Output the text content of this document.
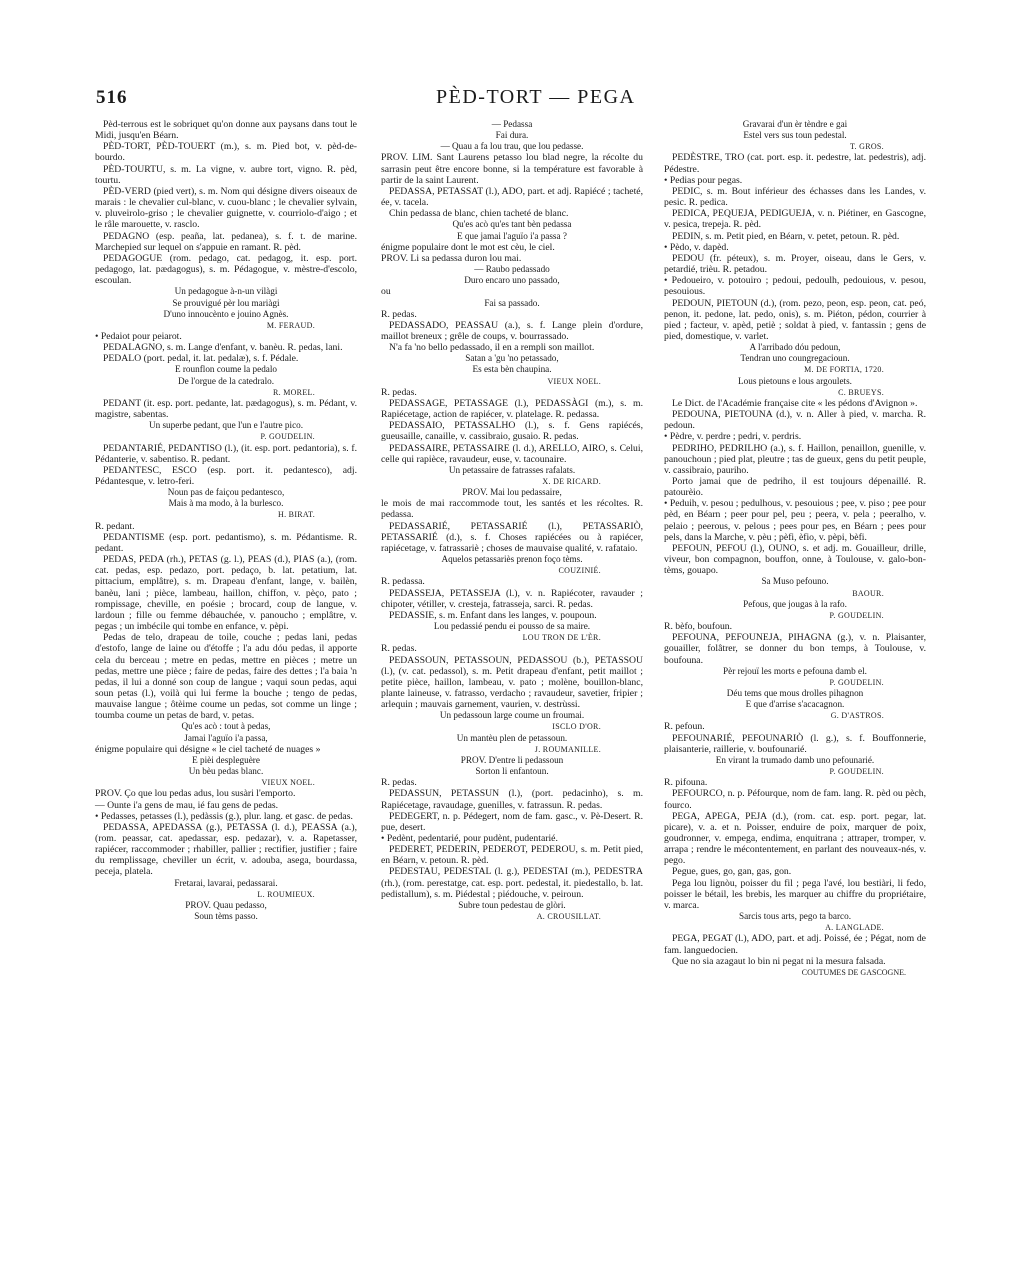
516	PÈD-TORT — PEGA

Pèd-terrous est le sobriquet qu'on donne aux paysans dans tout le Midi, jusqu'en Béarn.

PÈD-TORT, PÈD-TOUERT (m.), s. m. Pied bot, v. pèd-de-bourdo.

PÈD-TOURTU, s. m. La vigne, v. aubre tort, vigno. R. pèd, tourtu.

PÈD-VERD (pied vert), s. m. Nom qui désigne divers oiseaux de marais : le chevalier cul-blanc, v. cuou-blanc ; le chevalier sylvain, v. pluveirolo-griso ; le chevalier guignette, v. courriolo-d'aigo ; et le râle marouette, v. rasclo.

PEDAGNO (esp. peaña, lat. pedanea), s. f. t. de marine. Marchepied sur lequel on s'appuie en ramant. R. pèd.

PEDAGOGUE (rom. pedago, cat. pedagog, it. esp. port. pedagogo, lat. pædagogus), s. m. Pédagogue, v. mèstre-d'escolo, escoulan.

Un pedagogue à-n-un vilàgi

Se prouvigué pèr lou mariàgi

D'uno innoucènto e jouino Agnès.

M. FERAUD.

• Pedaiot pour peiarot.

PEDALAGNO, s. m. Lange d'enfant, v. banèu. R. pedas, lani.

PEDALO (port. pedal, it. lat. pedalæ), s. f. Pédale.

E rounflon coume la pedalo

De l'orgue de la catedralo.

R. MOREL.

PEDANT (it. esp. port. pedante, lat. pædagogus), s. m. Pédant, v. magistre, sabentas.

Un superbe pedant, que l'un e l'autre pico.

P. GOUDELIN.

PEDANTARIÉ, PEDANTISO (l.), (it. esp. port. pedantoria), s. f. Pédanterie, v. sabentiso. R. pedant.

PEDANTESC, ESCO (esp. port. it. pedantesco), adj. Pédantesque, v. letro-feri.

Noun pas de faiçou pedantesco,

Mais à ma modo, à la burlesco.

H. BIRAT.

R. pedant.

PEDANTISME (esp. port. pedantismo), s. m. Pédantisme. R. pedant.

PEDAS, PEDA (rh.), PETAS (g. l.), PEAS (d.), PIAS (a.), (rom. cat. pedas, esp. pedazo, port. pedaço, b. lat. petatium, lat. pittacium, emplâtre), s. m. Drapeau d'enfant, lange, v. bailèn, banèu, lani ; pièce, lambeau, haillon, chiffon, v. pèço, pato ; rompissage, cheville, en poésie ; brocard, coup de langue, v. lardoun ; fille ou femme débauchée, v. panoucho ; emplâtre, v. pegas ; un imbécile qui tombe en enfance, v. pèpi.

Pedas de telo, drapeau de toile, couche ; pedas lani, pedas d'estofo, lange de laine ou d'étoffe ; l'a adu dóu pedas, il apporte cela du berceau ; metre en pedas, mettre en pièces ; metre un pedas, mettre une pièce ; faire de pedas, faire des dettes ; l'a baia 'n pedas, il lui a donné son coup de langue ; vaqui soun pedas, aqui soun petas (l.), voilà qui lui ferme la bouche ; tengo de pedas, mauvaise langue ; ôtèime coume un pedas, sot comme un linge ; toumba coume un petas de bard, v. petas.

Qu'es acò : tout à pedas,

Jamai l'aguïo i'a passa,

énigme populaire qui désigne « le ciel tacheté de nuages »

E pièi despleguère

Un bèu pedas blanc.

VIEUX NOEL.

PROV. Ço que lou pedas adus, lou susàri l'emporto.

— Ounte i'a gens de mau, ié fau gens de pedas.

• Pedasses, petasses (l.), pedàssis (g.), plur. lang. et gasc. de pedas.

PEDASSA, APEDASSA (g.), PETASSA (l. d.), PEASSA (a.), (rom. peassar, cat. apedassar, esp. pedazar), v. a. Rapetasser, rapiécer, raccommoder ; rhabiller, pallier ; rectifier, justifier ; faire du remplissage, cheviller un écrit, v. adouba, asega, bourdassa, peceja, platela.

Fretarai, lavarai, pedassarai.

L. ROUMIEUX.

PROV. Quau pedasso,

Soun tèms passo.

— Pedassa

Fai dura.

— Quau a fa lou trau, que lou pedasse.

PROV. LIM. Sant Laurens petasso lou blad negre, la récolte du sarrasin peut être encore bonne, si la température est favorable à partir de la saint Laurent.

PEDASSA, PETASSAT (l.), ADO, part. et adj. Rapiécé ; tacheté, ée, v. tacela.

Chin pedassa de blanc, chien tacheté de blanc.

Qu'es acò qu'es tant bèn pedassa

E que jamai l'aguïo i'a passa ?

énigme populaire dont le mot est cèu, le ciel.

PROV. Li sa pedassa duron lou mai.

— Raubo pedassado

Duro encaro uno passado,

ou

Fai sa passado.

R. pedas.

PEDASSADO, PEASSAU (a.), s. f. Lange plein d'ordure, maillot breneux ; grêle de coups, v. bourrassado.

N'a fa 'no bello pedassado, il en a rempli son maillot.

Satan a 'gu 'no petassado,

Es esta bèn chaupina.

VIEUX NOEL.

R. pedas.

PEDASSAGE, PETASSAGE (l.), PEDASSÀGI (m.), s. m. Rapiécetage, action de rapiécer, v. platelage. R. pedassa.

PEDASSAIO, PETASSALHO (l.), s. f. Gens rapiécés, gueusaille, canaille, v. cassibraio, gusaio. R. pedas.

PEDASSAIRE, PETASSAIRE (l. d.), ARELLO, AIRO, s. Celui, celle qui rapièce, ravaudeur, euse, v. tacounaire.

Un petassaire de fatrasses rafalats.

X. DE RICARD.

PROV. Mai lou pedassaire,

le mois de mai raccommode tout, les santés et les récoltes. R. pedassa.

PEDASSARIÉ, PETASSARIÉ (l.), PETASSARIÒ, PETASSARIÉ (d.), s. f. Choses rapiécées ou à rapiécer, rapiécetage, v. fatrassariè ; choses de mauvaise qualité, v. rafataio.

Aquelos petassariès prenon foço tèms.

COUZINIÉ.

R. pedassa.

PEDASSEJA, PETASSEJA (l.), v. n. Rapiécoter, ravauder ; chipoter, vétiller, v. cresteja, fatrasseja, sarci. R. pedas.

PEDASSIE, s. m. Enfant dans les langes, v. poupoun.

Lou pedassié pendu ei pousso de sa maire.

LOU TRON DE L'ÈR.

R. pedas.

PEDASSOUN, PETASSOUN, PEDASSOU (b.), PETASSOU (l.), (v. cat. pedassol), s. m. Petit drapeau d'enfant, petit maillot ; petite pièce, haillon, lambeau, v. pato ; molène, bouillon-blanc, plante laineuse, v. fatrasso, verdacho ; ravaudeur, savetier, fripier ; arlequin ; mauvais garnement, vaurien, v. destrùssi.

Un pedassoun large coume un froumai.

ISCLO D'OR.

Un mantèu plen de petassoun.

J. ROUMANILLE.

PROV. D'entre li pedassoun

Sorton li enfantoun.

R. pedas.

PEDASSUN, PETASSUN (l.), (port. pedacinho), s. m. Rapiécetage, ravaudage, guenilles, v. fatrassun. R. pedas.

PEDEGERT, n. p. Pédegert, nom de fam. gasc., v. Pè-Desert. R. pue, desert.

• Pedènt, pedentarié, pour pudènt, pudentarié.

PEDERET, PEDERIN, PEDEROT, PEDEROU, s. m. Petit pied, en Béarn, v. petoun. R. pèd.

PEDESTAU, PEDESTAL (l. g.), PEDESTAI (m.), PEDESTRA (rh.), (rom. perestatge, cat. esp. port. pedestal, it. piedestallo, b. lat. pedistallum), s. m. Piédestal ; piédouche, v. peiroun.

Subre toun pedestau de glòri.

A. CROUSILLAT.

Gravarai d'un èr tèndre e gai

Estel vers sus toun pedestal.

T. GROS.

PEDÈSTRE, TRO (cat. port. esp. it. pedestre, lat. pedestris), adj. Pédestre.

• Pedias pour pegas.

PEDIC, s. m. Bout inférieur des échasses dans les Landes, v. pesic. R. pedica.

PEDICA, PEQUEJA, PEDIGUEJA, v. n. Piétiner, en Gascogne, v. pesica, trepeja. R. pèd.

PEDIN, s. m. Petit pied, en Béarn, v. petet, petoun. R. pèd.

• Pèdo, v. dapèd.

PEDOU (fr. péteux), s. m. Proyer, oiseau, dans le Gers, v. petardié, trièu. R. petadou.

• Pedoueiro, v. potouiro ; pedoui, pedoulh, pedouious, v. pesou, pesouious.

PEDOUN, PIETOUN (d.), (rom. pezo, peon, esp. peon, cat. peó, penon, it. pedone, lat. pedo, onis), s. m. Piéton, pédon, courrier à pied ; facteur, v. apèd, petiè ; soldat à pied, v. fantassin ; gens de pied, domestique, v. varlet.

A l'arribado dóu pedoun,

Tendran uno coungregacioun.

M. DE FORTIA, 1720.

Lous pietouns e lous argoulets.

C. BRUEYS.

Le Dict. de l'Académie française cite « les pédons d'Avignon ».

PEDOUNA, PIETOUNA (d.), v. n. Aller à pied, v. marcha. R. pedoun.

• Pèdre, v. perdre ; pedri, v. perdris.

PEDRIHO, PEDRILHO (a.), s. f. Haillon, penaillon, guenille, v. panouchoun ; pied plat, pleutre ; tas de gueux, gens du petit peuple, v. cassibraio, pauriho.

Porto jamai que de pedriho, il est toujours dépenaillé. R. patourèio.

• Peduih, v. pesou ; pedulhous, v. pesouious ; pee, v. piso ; pee pour pèd, en Béarn ; peer pour pel, peu ; peera, v. pela ; peeralho, v. pelaio ; peerous, v. pelous ; pees pour pes, en Béarn ; pees pour pels, dans la Marche, v. pèu ; pèfi, èfio, v. pèpi, bèfi.

PEFOUN, PEFOU (l.), OUNO, s. et adj. m. Gouailleur, drille, viveur, bon compagnon, bouffon, onne, à Toulouse, v. galo-bon-tèms, gouapo.

Sa Muso pefouno.

BAOUR.

Pefous, que jougas à la rafo.

P. GOUDELIN.

R. bèfo, boufoun.

PEFOUNA, PEFOUNEJA, PIHAGNA (g.), v. n. Plaisanter, gouailler, folâtrer, se donner du bon temps, à Toulouse, v. boufouna.

Pèr rejouï les morts e pefouna damb el.

P. GOUDELIN.

Déu tems que mous drolles pihagnon

E que d'arrise s'acacagnon.

G. D'ASTROS.

R. pefoun.

PEFOUNARIÉ, PEFOUNARIÒ (l. g.), s. f. Bouffonnerie, plaisanterie, raillerie, v. boufounarié.

En virant la trumado damb uno pefounarié.

P. GOUDELIN.

R. pifouna.

PEFOURCO, n. p. Péfourque, nom de fam. lang. R. pèd ou pèch, fourco.

PEGA, APEGA, PEJA (d.), (rom. cat. esp. port. pegar, lat. picare), v. a. et n. Poisser, enduire de poix, marquer de poix, goudronner, v. empega, endima, enquitrana ; attraper, tromper, v. arrapa ; rendre le mécontentement, en parlant des nouveaux-nés, v. pego.

Pegue, gues, go, gan, gas, gon.

Pega lou lignòu, poisser du fil ; pega l'avé, lou bestiàri, li fedo, poisser le bétail, les brebis, les marquer au chiffre du propriétaire, v. marca.

Sarcis tous arts, pego ta barco.

A. LANGLADE.

PEGA, PEGAT (l.), ADO, part. et adj. Poissé, ée ; Pégat, nom de fam. languedocien.

Que no sia azagaut lo bin ni pegat ni la mesura falsada.

COUTUMES DE GASCOGNE.
